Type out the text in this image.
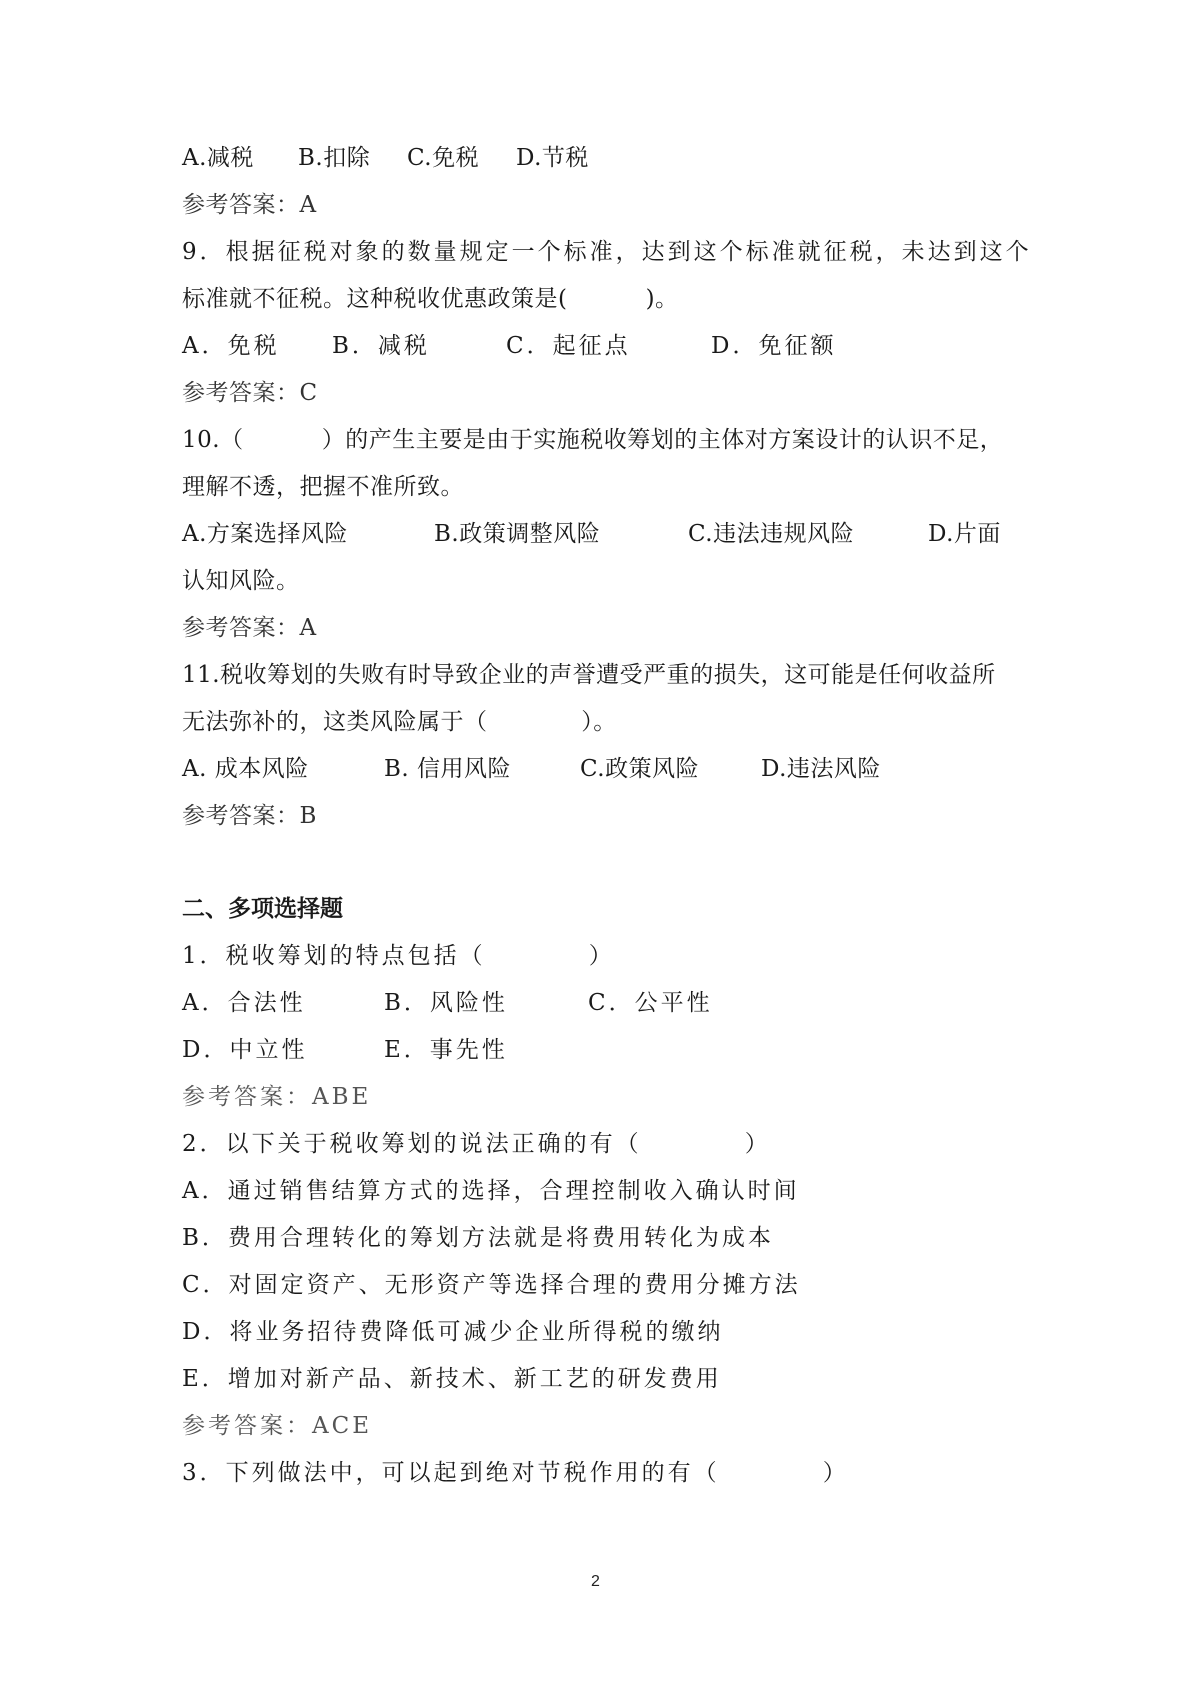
A.减税 B.扣除 C.免税 D.节税
参考答案：A
9．根据征税对象的数量规定一个标准，达到这个标准就征税，未达到这个
标准就不征税。这种税收优惠政策是(          )。
A．免税 B．减税	C．起征点	D．免征额
参考答案：C
10.（          ）的产生主要是由于实施税收筹划的主体对方案设计的认识不足，
理解不透，把握不准所致。
A.方案选择风险	B.政策调整风险	C.违法违规风险	D.片面
认知风险。
参考答案：A
11.税收筹划的失败有时导致企业的声誉遭受严重的损失，这可能是任何收益所
无法弥补的，这类风险属于（            ）。
A. 成本风险	B. 信用风险	C.政策风险	D.违法风险
参考答案：B
二、多项选择题
1．税收筹划的特点包括（          ）
A．合法性	B．风险性	C．公平性
D．中立性	E．事先性
参考答案：ABE
2．以下关于税收筹划的说法正确的有（          ）
A．通过销售结算方式的选择，合理控制收入确认时间
B．费用合理转化的筹划方法就是将费用转化为成本
C．对固定资产、无形资产等选择合理的费用分摊方法
D．将业务招待费降低可减少企业所得税的缴纳
E．增加对新产品、新技术、新工艺的研发费用
参考答案：ACE
3．下列做法中，可以起到绝对节税作用的有（          ）
2
